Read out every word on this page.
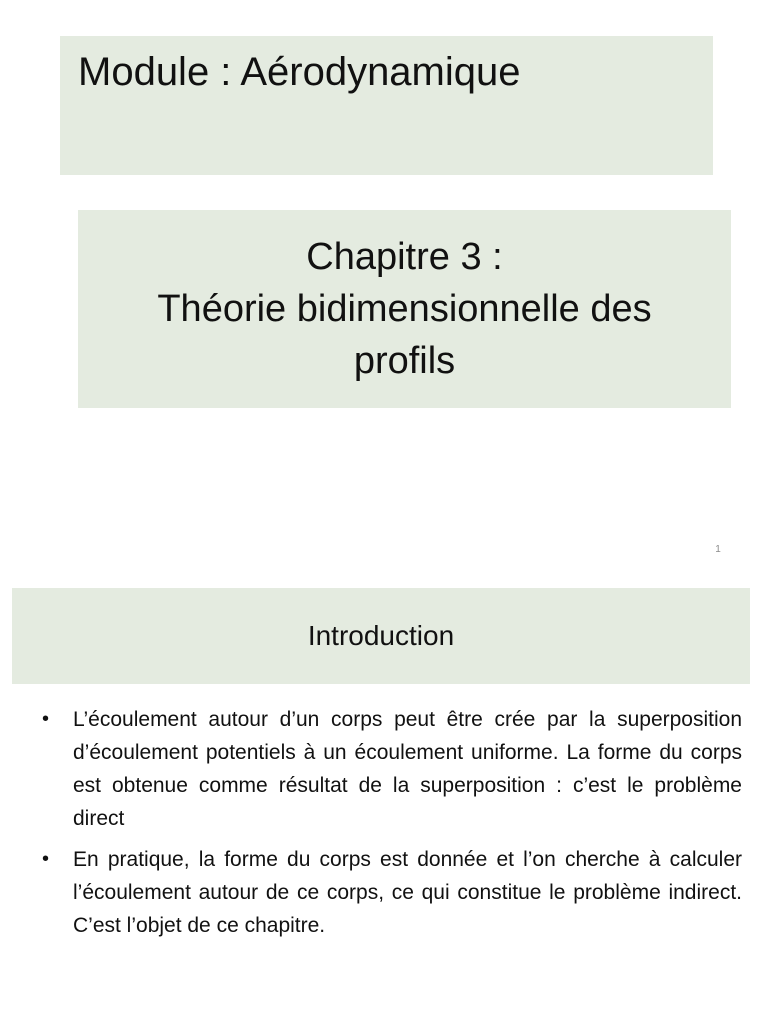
Module : Aérodynamique
Chapitre 3 :
Théorie bidimensionnelle des
profils
1
Introduction
•	L’écoulement autour d’un corps peut être crée par la superposition d’écoulement potentiels à un écoulement uniforme. La forme du corps est obtenue comme résultat de la superposition : c’est le problème direct
•	En pratique, la forme du corps est donnée et l’on cherche à calculer l’écoulement autour de ce corps, ce qui constitue le problème indirect. C’est l’objet de ce chapitre.
